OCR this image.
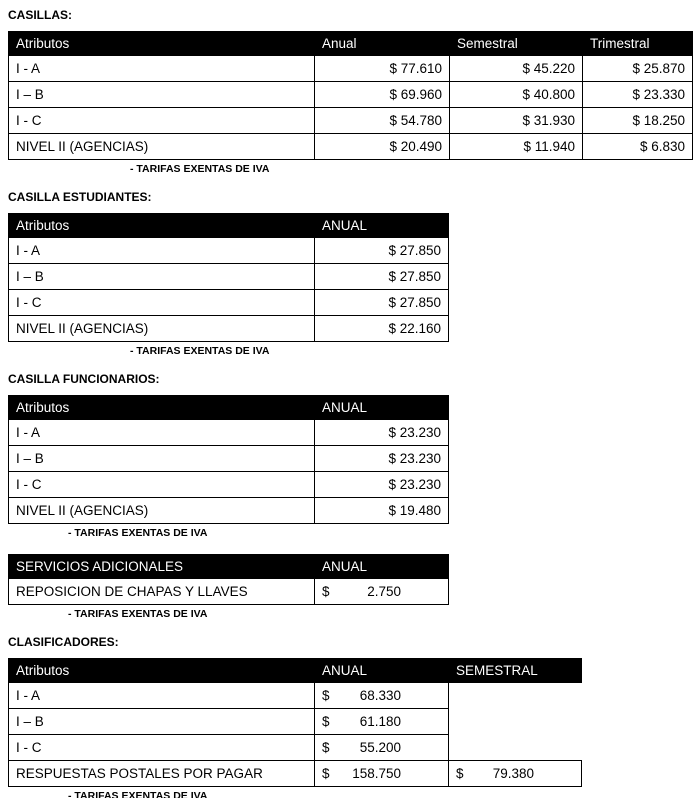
CASILLAS:
Atributos	Anual	Semestral	Trimestral
I - A	$ 77.610	$ 45.220	$ 25.870
I – B	$ 69.960	$ 40.800	$ 23.330
I - C	$ 54.780	$ 31.930	$ 18.250
NIVEL II (AGENCIAS)	$ 20.490	$ 11.940	$ 6.830
- TARIFAS EXENTAS DE IVA
CASILLA ESTUDIANTES:
Atributos	ANUAL
I - A	$ 27.850
I – B	$ 27.850
I - C	$ 27.850
NIVEL II (AGENCIAS)	$ 22.160
- TARIFAS EXENTAS DE IVA
CASILLA FUNCIONARIOS:
Atributos	ANUAL
I - A	$ 23.230
I – B	$ 23.230
I - C	$ 23.230
NIVEL II (AGENCIAS)	$ 19.480
- TARIFAS EXENTAS DE IVA
SERVICIOS ADICIONALES	ANUAL
REPOSICION DE CHAPAS Y LLAVES	$ 2.750
- TARIFAS EXENTAS DE IVA
CLASIFICADORES:
Atributos	ANUAL	SEMESTRAL
I - A	$ 68.330	

I – B	$ 61.180	

I - C	$ 55.200	

RESPUESTAS POSTALES POR PAGAR	$ 158.750	$ 79.380
- TARIFAS EXENTAS DE IVA
